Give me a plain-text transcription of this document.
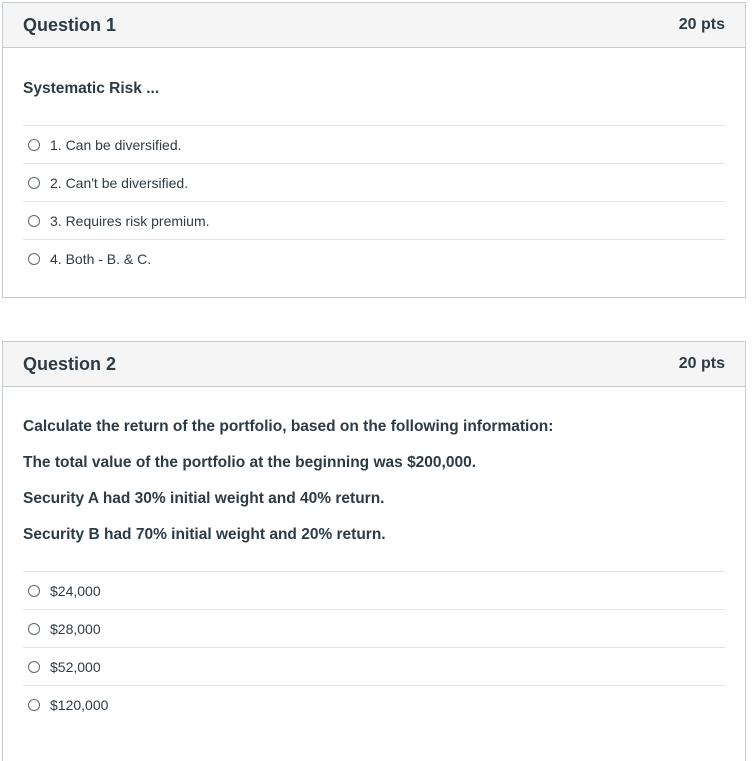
Question 1	20 pts

Systematic Risk ...

1. Can be diversified.
2. Can't be diversified.
3. Requires risk premium.
4. Both - B. & C.
Question 2	20 pts

Calculate the return of the portfolio, based on the following information:

The total value of the portfolio at the beginning was $200,000.

Security A had 30% initial weight and 40% return.

Security B had 70% initial weight and 20% return.

$24,000
$28,000
$52,000
$120,000
